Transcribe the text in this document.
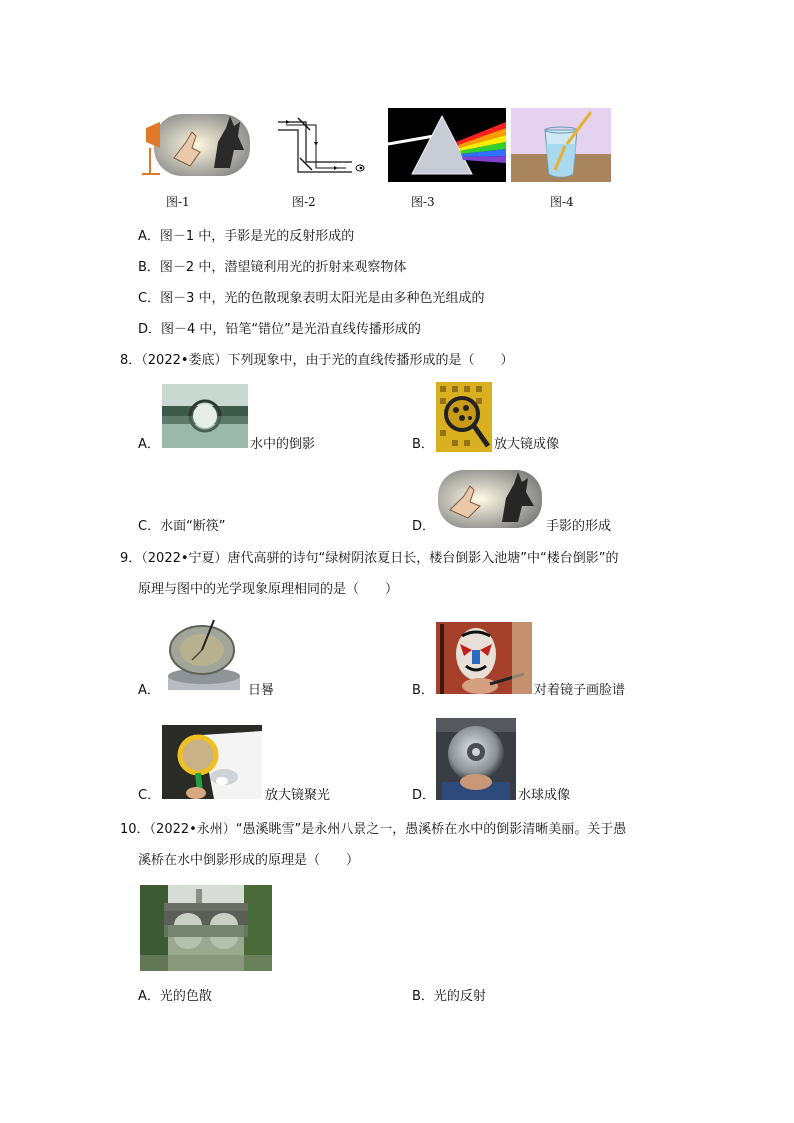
图-1	图-2	图-3	图-4
A．图－1 中，手影是光的反射形成的
B．图－2 中，潜望镜利用光的折射来观察物体
C．图－3 中，光的色散现象表明太阳光是由多种色光组成的
D．图－4 中，铅笔“错位”是光沿直线传播形成的
8．（2022•娄底）下列现象中，由于光的直线传播形成的是（　　）
A．	水中的倒影	B．	放大镜成像
C．水面“断筷”	D．	手影的形成
9．（2022•宁夏）唐代高骈的诗句“绿树阴浓夏日长，楼台倒影入池塘”中“楼台倒影”的
原理与图中的光学现象原理相同的是（　　）
A．	日晷	B．	对着镜子画脸谱
C．	放大镜聚光	D．	水球成像
10．（2022•永州）“愚溪眺雪”是永州八景之一，愚溪桥在水中的倒影清晰美丽。关于愚
溪桥在水中倒影形成的原理是（　　）
A．光的色散	B．光的反射
